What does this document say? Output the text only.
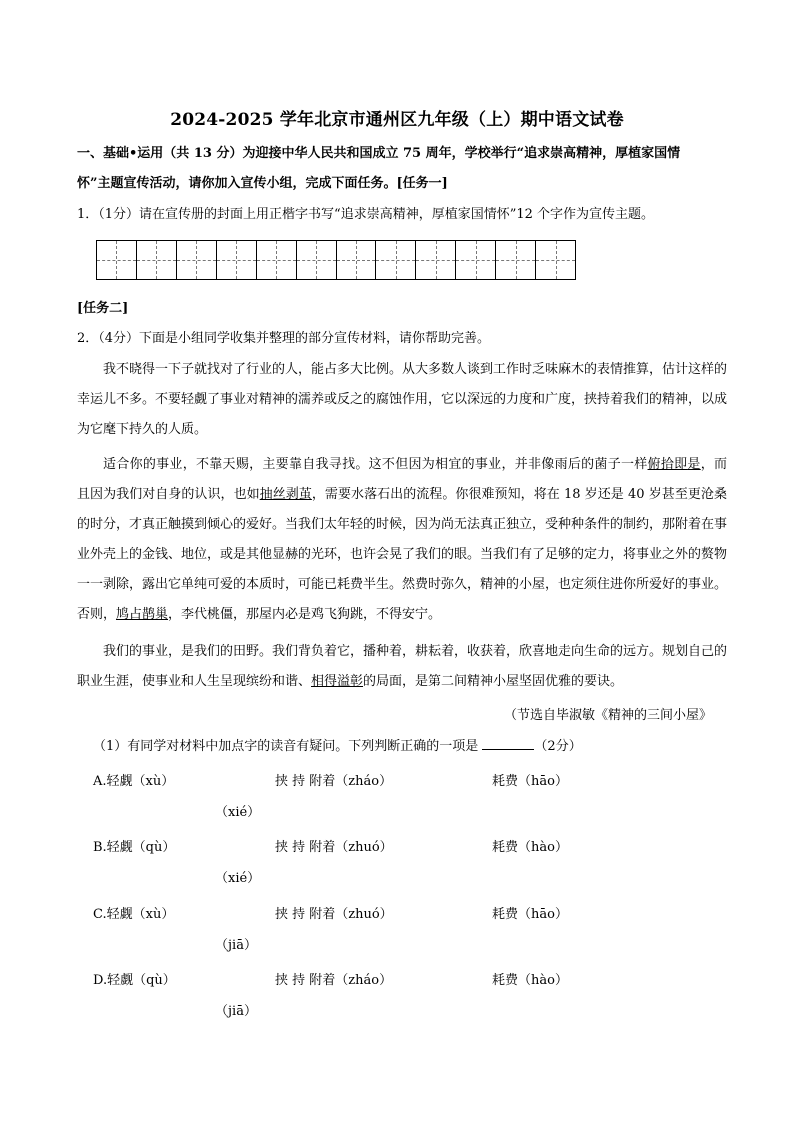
2024-2025 学年北京市通州区九年级（上）期中语文试卷
一、基础•运用（共 13 分）为迎接中华人民共和国成立 75 周年，学校举行“追求崇高精神，厚植家国情
怀”主题宣传活动，请你加入宣传小组，完成下面任务。[任务一]
1．（1分）请在宣传册的封面上用正楷字书写“追求崇高精神，厚植家国情怀”12 个字作为宣传主题。
[任务二]
2．（4分）下面是小组同学收集并整理的部分宣传材料，请你帮助完善。
我不晓得一下子就找对了行业的人，能占多大比例。从大多数人谈到工作时乏味麻木的表情推算，估计这样的幸运儿不多。不要轻觑了事业对精神的濡养或反之的腐蚀作用，它以深远的力度和广度，挟持着我们的精神，以成为它麾下持久的人质。
适合你的事业，不靠天赐，主要靠自我寻找。这不但因为相宜的事业，并非像雨后的菌子一样俯拾即是，而且因为我们对自身的认识，也如抽丝剥茧，需要水落石出的流程。你很难预知，将在 18 岁还是 40 岁甚至更沧桑的时分，才真正触摸到倾心的爱好。当我们太年轻的时候，因为尚无法真正独立，受种种条件的制约，那附着在事业外壳上的金钱、地位，或是其他显赫的光环，也许会晃了我们的眼。当我们有了足够的定力，将事业之外的赘物一一剥除，露出它单纯可爱的本质时，可能已耗费半生。然费时弥久，精神的小屋，也定须住进你所爱好的事业。否则，鸠占鹊巢，李代桃僵，那屋内必是鸡飞狗跳，不得安宁。
我们的事业，是我们的田野。我们背负着它，播种着，耕耘着，收获着，欣喜地走向生命的远方。规划自己的职业生涯，使事业和人生呈现缤纷和谐、相得溢彰的局面，是第二间精神小屋坚固优雅的要诀。
（节选自毕淑敏《精神的三间小屋》
（1）有同学对材料中加点字的读音有疑问。下列判断正确的一项是	（2分）
A.轻觑（xù）	挟 持 附着（zháo）	耗费（hāo）
（xié）
B.轻觑（qù）	挟 持 附着（zhuó）	耗费（hào）
（xié）
C.轻觑（xù）	挟 持 附着（zhuó）	耗费（hāo）
（jiā）
D.轻觑（qù）	挟 持 附着（zháo）	耗费（hào）
（jiā）
